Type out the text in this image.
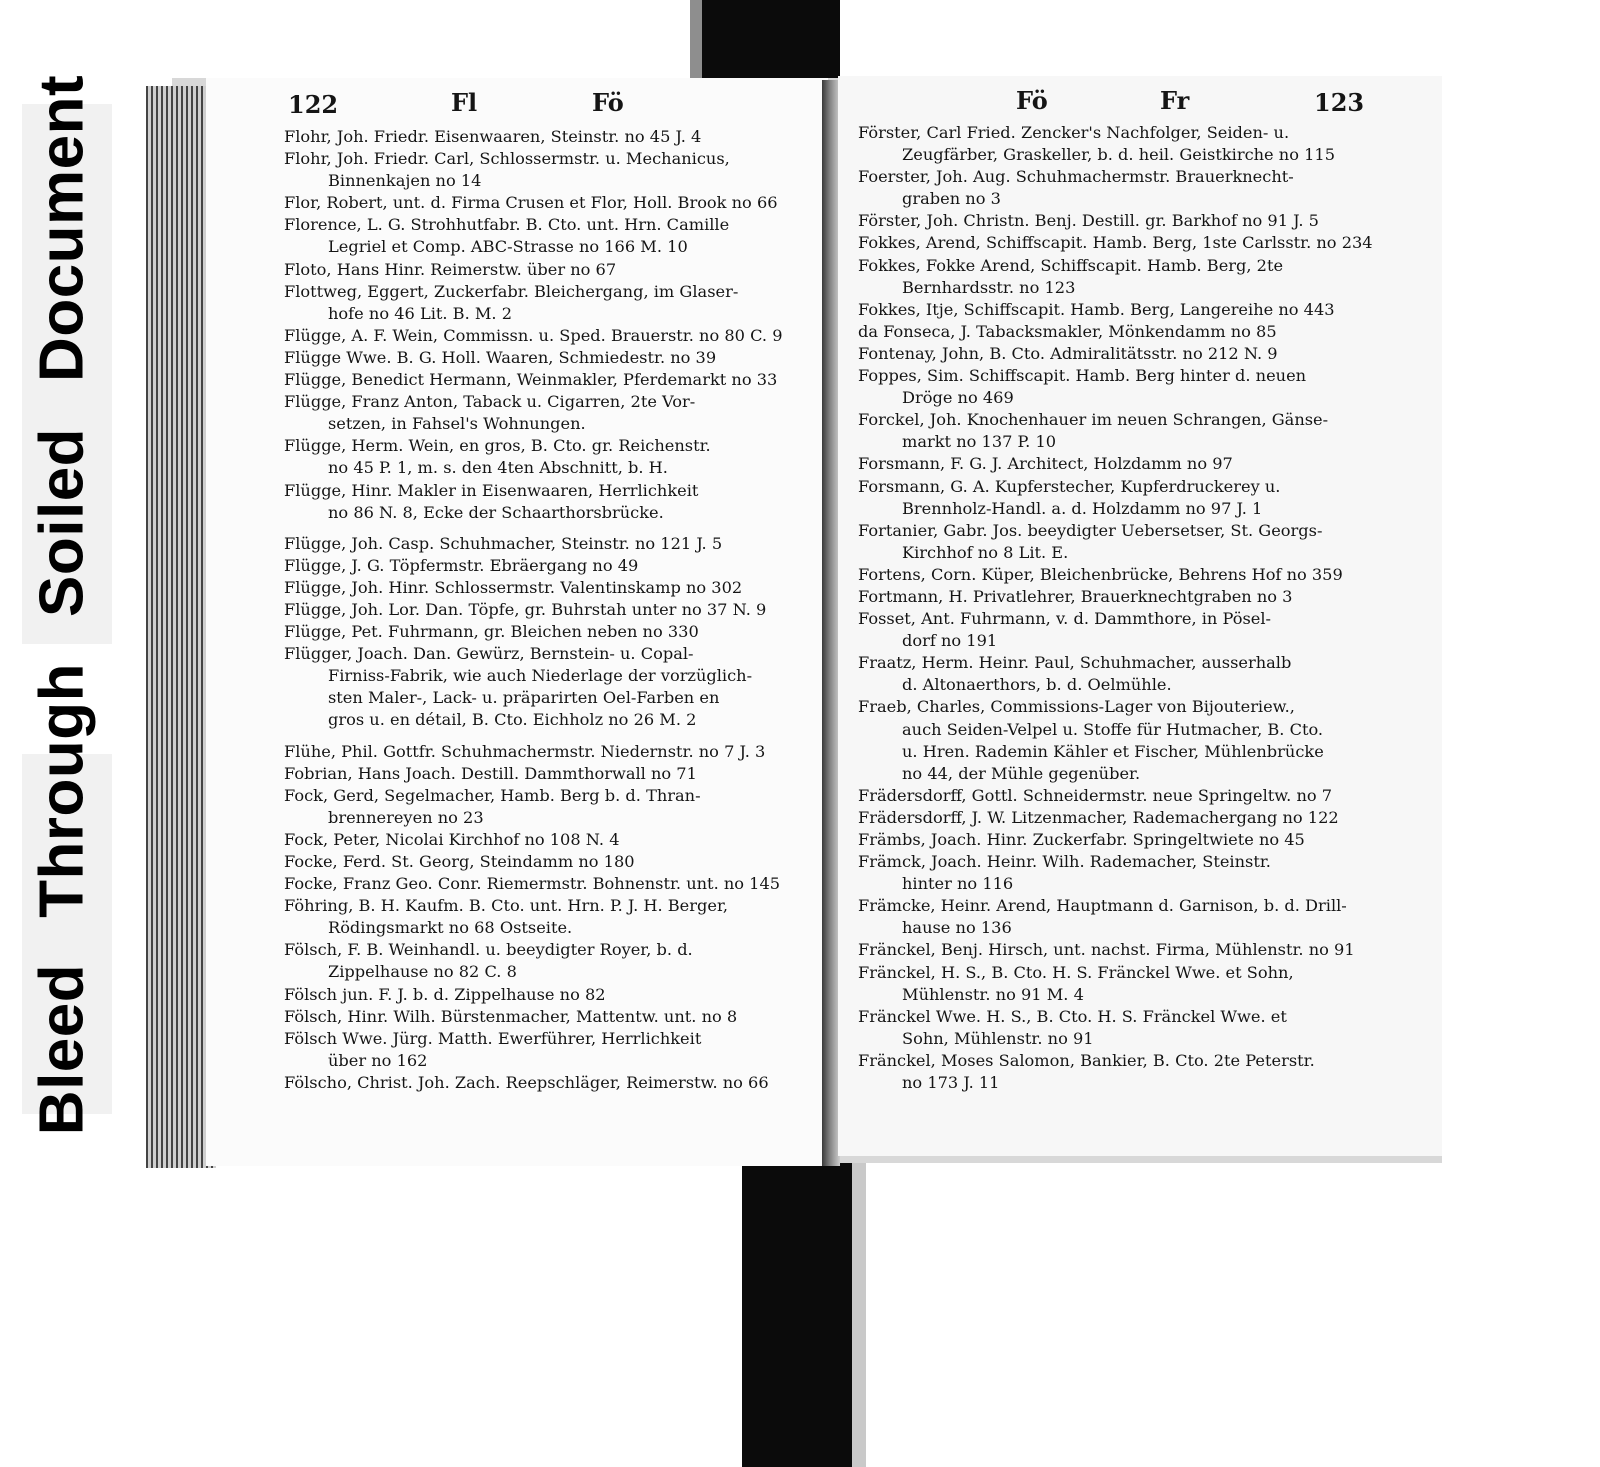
BleedThroughSoiledDocument	122	Fl	Fö
Flohr, Joh. Friedr. Eisenwaaren, Steinstr. no 45 J. 4
Flohr, Joh. Friedr. Carl, Schlossermstr. u. Mechanicus,
Binnenkajen no 14
Flor, Robert, unt. d. Firma Crusen et Flor, Holl. Brook no 66
Florence, L. G. Strohhutfabr. B. Cto. unt. Hrn. Camille
Legriel et Comp. ABC-Strasse no 166 M. 10
Floto, Hans Hinr. Reimerstw. über no 67
Flottweg, Eggert, Zuckerfabr. Bleichergang, im Glaser-
hofe no 46 Lit. B. M. 2
Flügge, A. F. Wein, Commissn. u. Sped. Brauerstr. no 80 C. 9
Flügge Wwe. B. G. Holl. Waaren, Schmiedestr. no 39
Flügge, Benedict Hermann, Weinmakler, Pferdemarkt no 33
Flügge, Franz Anton, Taback u. Cigarren, 2te Vor-
setzen, in Fahsel's Wohnungen.
Flügge, Herm. Wein, en gros, B. Cto. gr. Reichenstr.
no 45 P. 1, m. s. den 4ten Abschnitt, b. H.
Flügge, Hinr. Makler in Eisenwaaren, Herrlichkeit
no 86 N. 8, Ecke der Schaarthorsbrücke.
Flügge, Joh. Casp. Schuhmacher, Steinstr. no 121 J. 5
Flügge, J. G. Töpfermstr. Ebräergang no 49
Flügge, Joh. Hinr. Schlossermstr. Valentinskamp no 302
Flügge, Joh. Lor. Dan. Töpfe, gr. Buhrstah unter no 37 N. 9
Flügge, Pet. Fuhrmann, gr. Bleichen neben no 330
Flügger, Joach. Dan. Gewürz, Bernstein- u. Copal-
Firniss-Fabrik, wie auch Niederlage der vorzüglich-
sten Maler-, Lack- u. präparirten Oel-Farben en
gros u. en détail, B. Cto. Eichholz no 26 M. 2
Flühe, Phil. Gottfr. Schuhmachermstr. Niedernstr. no 7 J. 3
Fobrian, Hans Joach. Destill. Dammthorwall no 71
Fock, Gerd, Segelmacher, Hamb. Berg b. d. Thran-
brennereyen no 23
Fock, Peter, Nicolai Kirchhof no 108 N. 4
Focke, Ferd. St. Georg, Steindamm no 180
Focke, Franz Geo. Conr. Riemermstr. Bohnenstr. unt. no 145
Föhring, B. H. Kaufm. B. Cto. unt. Hrn. P. J. H. Berger,
Rödingsmarkt no 68 Ostseite.
Fölsch, F. B. Weinhandl. u. beeydigter Royer, b. d.
Zippelhause no 82 C. 8
Fölsch jun. F. J. b. d. Zippelhause no 82
Fölsch, Hinr. Wilh. Bürstenmacher, Mattentw. unt. no 8
Fölsch Wwe. Jürg. Matth. Ewerführer, Herrlichkeit
über no 162
Fölscho, Christ. Joh. Zach. Reepschläger, Reimerstw. no 66
Fö	Fr	123
Förster, Carl Fried. Zencker's Nachfolger, Seiden- u.
Zeugfärber, Graskeller, b. d. heil. Geistkirche no 115
Foerster, Joh. Aug. Schuhmachermstr. Brauerknecht-
graben no 3
Förster, Joh. Christn. Benj. Destill. gr. Barkhof no 91 J. 5
Fokkes, Arend, Schiffscapit. Hamb. Berg, 1ste Carlsstr. no 234
Fokkes, Fokke Arend, Schiffscapit. Hamb. Berg, 2te
Bernhardsstr. no 123
Fokkes, Itje, Schiffscapit. Hamb. Berg, Langereihe no 443
da Fonseca, J. Tabacksmakler, Mönkendamm no 85
Fontenay, John, B. Cto. Admiralitätsstr. no 212 N. 9
Foppes, Sim. Schiffscapit. Hamb. Berg hinter d. neuen
Dröge no 469
Forckel, Joh. Knochenhauer im neuen Schrangen, Gänse-
markt no 137 P. 10
Forsmann, F. G. J. Architect, Holzdamm no 97
Forsmann, G. A. Kupferstecher, Kupferdruckerey u.
Brennholz-Handl. a. d. Holzdamm no 97 J. 1
Fortanier, Gabr. Jos. beeydigter Uebersetser, St. Georgs-
Kirchhof no 8 Lit. E.
Fortens, Corn. Küper, Bleichenbrücke, Behrens Hof no 359
Fortmann, H. Privatlehrer, Brauerknechtgraben no 3
Fosset, Ant. Fuhrmann, v. d. Dammthore, in Pösel-
dorf no 191
Fraatz, Herm. Heinr. Paul, Schuhmacher, ausserhalb
d. Altonaerthors, b. d. Oelmühle.
Fraeb, Charles, Commissions-Lager von Bijouteriew.,
auch Seiden-Velpel u. Stoffe für Hutmacher, B. Cto.
u. Hren. Rademin Kähler et Fischer, Mühlenbrücke
no 44, der Mühle gegenüber.
Frädersdorff, Gottl. Schneidermstr. neue Springeltw. no 7
Frädersdorff, J. W. Litzenmacher, Rademachergang no 122
Främbs, Joach. Hinr. Zuckerfabr. Springeltwiete no 45
Främck, Joach. Heinr. Wilh. Rademacher, Steinstr.
hinter no 116
Främcke, Heinr. Arend, Hauptmann d. Garnison, b. d. Drill-
hause no 136
Fränckel, Benj. Hirsch, unt. nachst. Firma, Mühlenstr. no 91
Fränckel, H. S., B. Cto. H. S. Fränckel Wwe. et Sohn,
Mühlenstr. no 91 M. 4
Fränckel Wwe. H. S., B. Cto. H. S. Fränckel Wwe. et
Sohn, Mühlenstr. no 91
Fränckel, Moses Salomon, Bankier, B. Cto. 2te Peterstr.
no 173 J. 11
